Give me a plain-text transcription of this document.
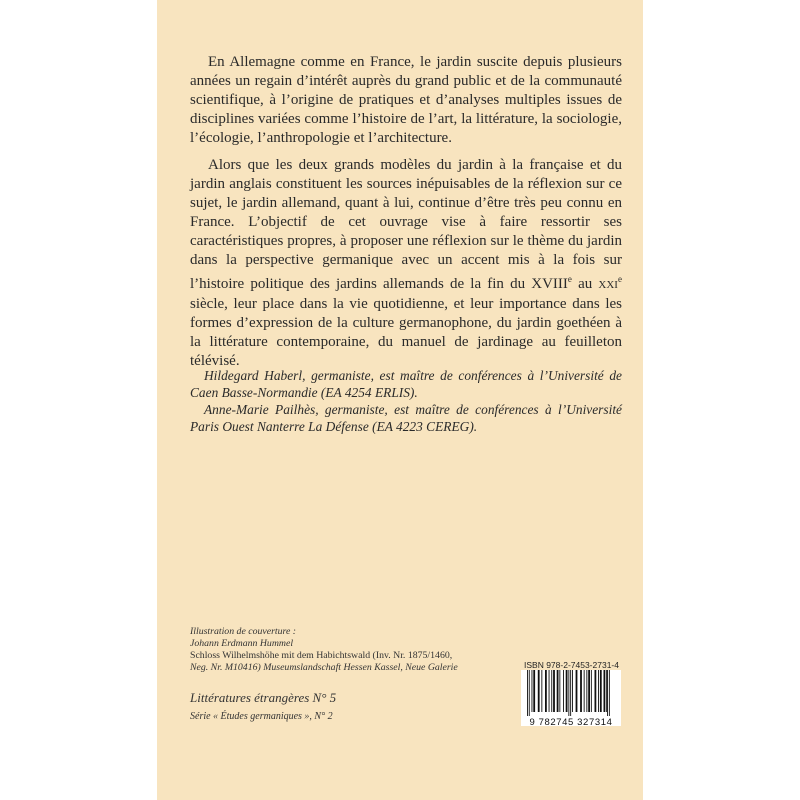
En Allemagne comme en France, le jardin suscite depuis plusieurs années un regain d’intérêt auprès du grand public et de la communauté scientifique, à l’origine de pratiques et d’analyses multiples issues de disciplines variées comme l’histoire de l’art, la littérature, la sociologie, l’écologie, l’anthropologie et l’architecture.

Alors que les deux grands modèles du jardin à la française et du jardin anglais constituent les sources inépuisables de la réflexion sur ce sujet, le jardin allemand, quant à lui, continue d’être très peu connu en France. L’objectif de cet ouvrage vise à faire ressortir ses caractéristiques propres, à proposer une réflexion sur le thème du jardin dans la perspective germanique avec un accent mis à la fois sur l’histoire politique des jardins allemands de la fin du XVIIIe au XXIe siècle, leur place dans la vie quotidienne, et leur importance dans les formes d’expression de la culture germanophone, du jardin goethéen à la littérature contemporaine, du manuel de jardinage au feuilleton télévisé.

Hildegard Haberl, germaniste, est maître de conférences à l’Université de Caen Basse-Normandie (EA 4254 ERLIS).

Anne-Marie Pailhès, germaniste, est maître de conférences à l’Université Paris Ouest Nanterre La Défense (EA 4223 CEREG).

Illustration de couverture :
Johann Erdmann Hummel
Schloss Wilhelmshöhe mit dem Habichtswald (Inv. Nr. 1875/1460,
Neg. Nr. M10416) Museumslandschaft Hessen Kassel, Neue Galerie
Littératures étrangères N° 5
Série « Études germaniques », N° 2
ISBN 978-2-7453-2731-4
9 782745 327314
